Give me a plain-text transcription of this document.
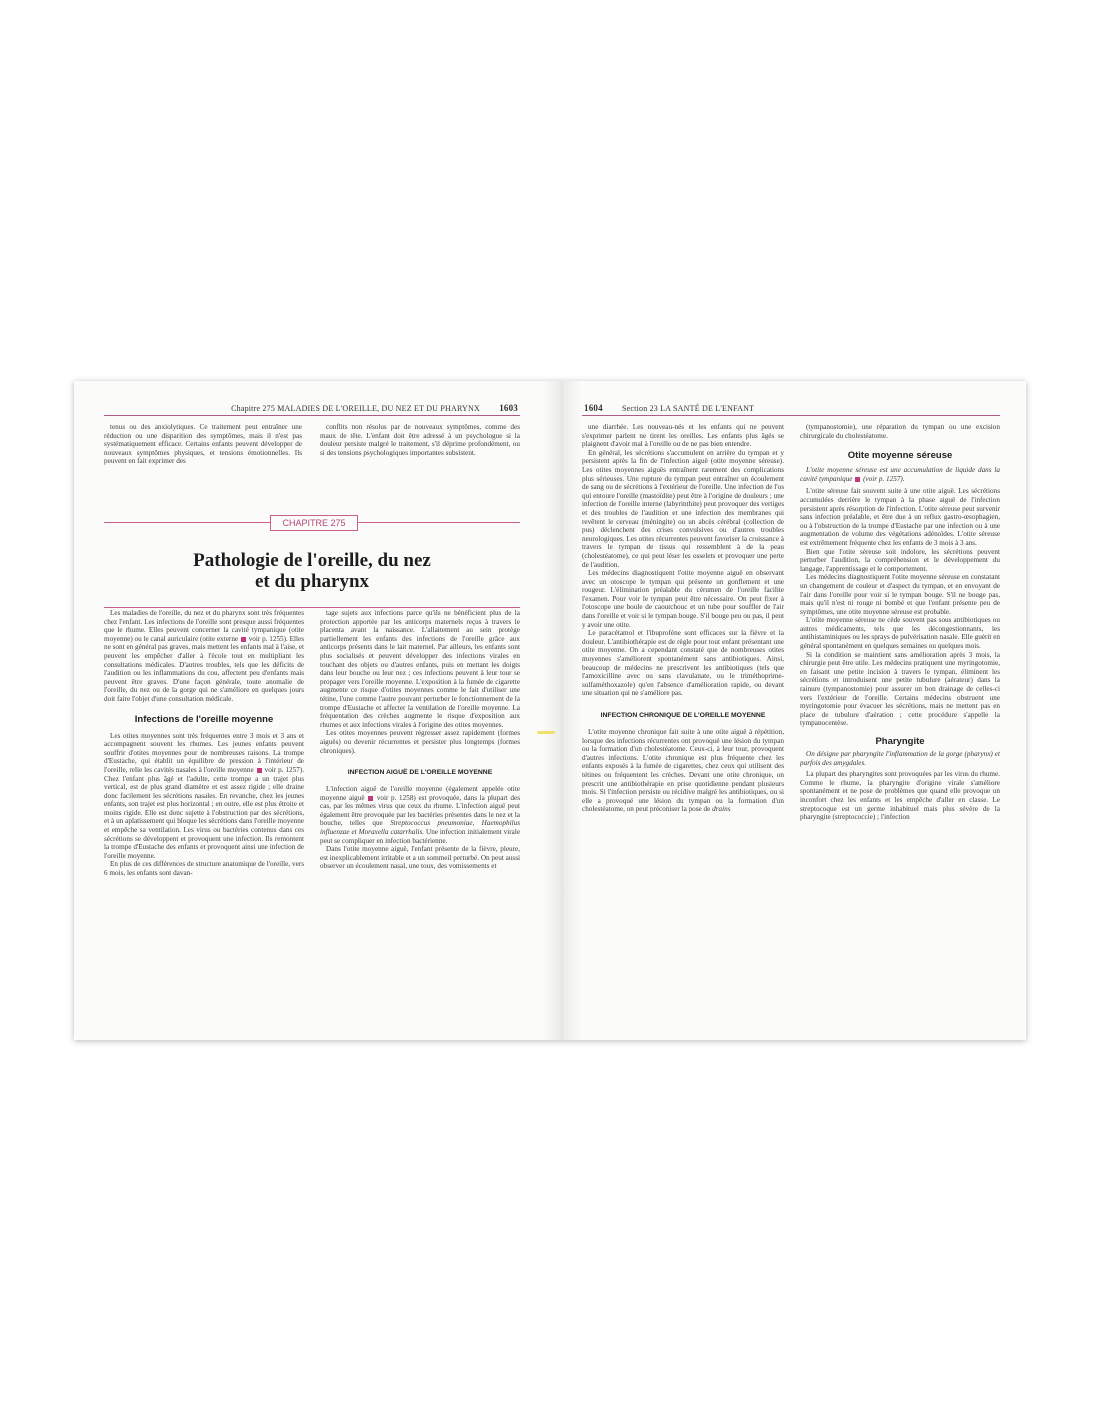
Chapitre 275 MALADIES DE L'OREILLE, DU NEZ ET DU PHARYNX 1603

tenus ou des anxiolytiques. Ce traitement peut entraîner une réduction ou une disparition des symptômes, mais il n'est pas systématiquement efficace. Certains enfants peuvent développer de nouveaux symptômes physiques, et tensions émotionnelles. Ils peuvent en fait exprimer des

conflits non résolus par de nouveaux symptômes, comme des maux de tête. L'enfant doit être adressé à un psychologue si la douleur persiste malgré le traitement, s'il déprime profondément, ou si des tensions psychologiques importantes subsistent.

CHAPITRE 275
Pathologie de l'oreille, du nez
et du pharynx

Les maladies de l'oreille, du nez et du pharynx sont très fréquentes chez l'enfant. Les infections de l'oreille sont presque aussi fréquentes que le rhume. Elles peuvent concerner la cavité tympanique (otite moyenne) ou le canal auriculaire (otite externe voir p. 1255). Elles ne sont en général pas graves, mais mettent les enfants mal à l'aise, et peuvent les empêcher d'aller à l'école tout en multipliant les consultations médicales. D'autres troubles, tels que les déficits de l'audition ou les inflammations du cou, affectent peu d'enfants mais peuvent être graves. D'une façon générale, toute anomalie de l'oreille, du nez ou de la gorge qui ne s'améliore en quelques jours doit faire l'objet d'une consultation médicale.

Infections de l'oreille moyenne

Les otites moyennes sont très fréquentes entre 3 mois et 3 ans et accompagnent souvent les rhumes. Les jeunes enfants peuvent souffrir d'otites moyennes pour de nombreuses raisons. La trompe d'Eustache, qui établit un équilibre de pression à l'intérieur de l'oreille, relie les cavités nasales à l'oreille moyenne voir p. 1257). Chez l'enfant plus âgé et l'adulte, cette trompe a un trajet plus vertical, est de plus grand diamètre et est assez rigide ; elle draine donc facilement les sécrétions nasales. En revanche, chez les jeunes enfants, son trajet est plus horizontal ; en outre, elle est plus étroite et moins rigide. Elle est donc sujette à l'obstruction par des sécrétions, et à un aplatissement qui bloque les sécrétions dans l'oreille moyenne et empêche sa ventilation. Les virus ou bactéries contenus dans ces sécrétions se développent et provoquent une infection. Ils remontent la trompe d'Eustache des enfants et provoquent ainsi une infection de l'oreille moyenne.

En plus de ces différences de structure anatomique de l'oreille, vers 6 mois, les enfants sont davan-

tage sujets aux infections parce qu'ils ne bénéficient plus de la protection apportée par les anticorps maternels reçus à travers le placenta avant la naissance. L'allaitement au sein protège partiellement les enfants des infections de l'oreille grâce aux anticorps présents dans le lait maternel. Par ailleurs, les enfants sont plus socialisés et peuvent développer des infections virales en touchant des objets ou d'autres enfants, puis en mettant les doigts dans leur bouche ou leur nez ; ces infections peuvent à leur tour se propager vers l'oreille moyenne. L'exposition à la fumée de cigarette augmente ce risque d'otites moyennes comme le fait d'utiliser une tétine, l'une comme l'autre pouvant perturber le fonctionnement de la trompe d'Eustache et affecter la ventilation de l'oreille moyenne. La fréquentation des crèches augmente le risque d'exposition aux rhumes et aux infections virales à l'origine des otites moyennes.

Les otites moyennes peuvent régresser assez rapidement (formes aiguës) ou devenir récurrentes et persister plus longtemps (formes chroniques).

INFECTION AIGUË DE L'OREILLE MOYENNE

L'infection aiguë de l'oreille moyenne (également appelée otite moyenne aiguë voir p. 1258) est provoquée, dans la plupart des cas, par les mêmes virus que ceux du rhume. L'infection aiguë peut également être provoquée par les bactéries présentes dans le nez et la bouche, telles que Streptococcus pneumoniae, Haemophilus influenzae et Moraxella catarrhalis. Une infection initialement virale peut se compliquer en infection bactérienne.

Dans l'otite moyenne aiguë, l'enfant présente de la fièvre, pleure, est inexplicablement irritable et a un sommeil perturbé. On peut aussi observer un écoulement nasal, une toux, des vomissements et

1604 Section 23 LA SANTÉ DE L'ENFANT

une diarrhée. Les nouveau-nés et les enfants qui ne peuvent s'exprimer parlent ne tirent les oreilles. Les enfants plus âgés se plaignent d'avoir mal à l'oreille ou de ne pas bien entendre.

En général, les sécrétions s'accumulent en arrière du tympan et y persistent après la fin de l'infection aiguë (otite moyenne séreuse). Les otites moyennes aiguës entraînent rarement des complications plus sérieuses. Une rupture du tympan peut entraîner un écoulement de sang ou de sécrétions à l'extérieur de l'oreille. Une infection de l'os qui entoure l'oreille (mastoïdite) peut être à l'origine de douleurs ; une infection de l'oreille interne (labyrinthite) peut provoquer des vertiges et des troubles de l'audition et une infection des membranes qui revêtent le cerveau (méningite) ou un abcès cérébral (collection de pus) déclenchent des crises convulsives ou d'autres troubles neurologiques. Les otites récurrentes peuvent favoriser la croissance à travers le tympan de tissus qui ressemblent à de la peau (cholestéatome), ce qui peut léser les osselets et provoquer une perte de l'audition.

Les médecins diagnostiquent l'otite moyenne aiguë en observant avec un otoscope le tympan qui présente un gonflement et une rougeur. L'élimination préalable du cérumen de l'oreille facilite l'examen. Pour voir le tympan peut être nécessaire. On peut fixer à l'otoscope une boule de caoutchouc et un tube pour souffler de l'air dans l'oreille et voir si le tympan bouge. S'il bouge peu ou pas, il peut y avoir une otite.

Le paracétamol et l'ibuprofène sont efficaces sur la fièvre et la douleur. L'antibiothérapie est de règle pour tout enfant présentant une otite moyenne. On a cependant constaté que de nombreuses otites moyennes s'améliorent spontanément sans antibiotiques. Ainsi, beaucoup de médecins ne prescrivent les antibiotiques (tels que l'amoxicilline avec ou sans clavulanate, ou le triméthoprime-sulfaméthoxazole) qu'en l'absence d'amélioration rapide, ou devant une situation qui ne s'améliore pas.

INFECTION CHRONIQUE DE L'OREILLE MOYENNE

L'otite moyenne chronique fait suite à une otite aiguë à répétition, lorsque des infections récurrentes ont provoqué une lésion du tympan ou la formation d'un cholestéatome. Ceux-ci, à leur tour, provoquent d'autres infections. L'otite chronique est plus fréquente chez les enfants exposés à la fumée de cigarettes, chez ceux qui utilisent des tétines ou fréquentent les crèches. Devant une otite chronique, on prescrit une antibiothérapie en prise quotidienne pendant plusieurs mois. Si l'infection persiste ou récidive malgré les antibiotiques, ou si elle a provoqué une lésion du tympan ou la formation d'un cholestéatome, on peut préconiser la pose de drains

(tympanostomie), une réparation du tympan ou une excision chirurgicale du cholestéatome.

Otite moyenne séreuse

L'otite moyenne séreuse est une accumulation de liquide dans la cavité tympanique (voir p. 1257).

L'otite séreuse fait souvent suite à une otite aiguë. Les sécrétions accumulées derrière le tympan à la phase aiguë de l'infection persistent après résorption de l'infection. L'otite séreuse peut survenir sans infection préalable, et être due à un reflux gastro-œsophagien, ou à l'obstruction de la trompe d'Eustache par une infection ou à une augmentation de volume des végétations adénoïdes. L'otite séreuse est extrêmement fréquente chez les enfants de 3 mois à 3 ans.

Bien que l'otite séreuse soit indolore, les sécrétions peuvent perturber l'audition, la compréhension et le développement du langage, l'apprentissage et le comportement.

Les médecins diagnostiquent l'otite moyenne séreuse en constatant un changement de couleur et d'aspect du tympan, et en envoyant de l'air dans l'oreille pour voir si le tympan bouge. S'il ne bouge pas, mais qu'il n'est ni rouge ni bombé et que l'enfant présente peu de symptômes, une otite moyenne séreuse est probable.

L'otite moyenne séreuse ne cède souvent pas sous antibiotiques ou autres médicaments, tels que les décongestionnants, les antihistaminiques ou les sprays de pulvérisation nasale. Elle guérit en général spontanément en quelques semaines ou quelques mois.

Si la condition se maintient sans amélioration après 3 mois, la chirurgie peut être utile. Les médecins pratiquent une myringotomie, en faisant une petite incision à travers le tympan, éliminent les sécrétions et introduisent une petite tubulure (aérateur) dans la rainure (tympanostomie) pour assurer un bon drainage de celles-ci vers l'extérieur de l'oreille. Certains médecins obstruent une myringotomie pour évacuer les sécrétions, mais ne mettent pas en place de tubulure d'aération ; cette procédure s'appelle la tympanocentèse.

Pharyngite

On désigne par pharyngite l'inflammation de la gorge (pharynx) et parfois des amygdales.

La plupart des pharyngites sont provoquées par les virus du rhume. Comme le rhume, la pharyngite d'origine virale s'améliore spontanément et ne pose de problèmes que quand elle provoque un inconfort chez les enfants et les empêche d'aller en classe. Le streptocoque est un germe inhabituel mais plus sévère de la pharyngite (streptococcie) ; l'infection
